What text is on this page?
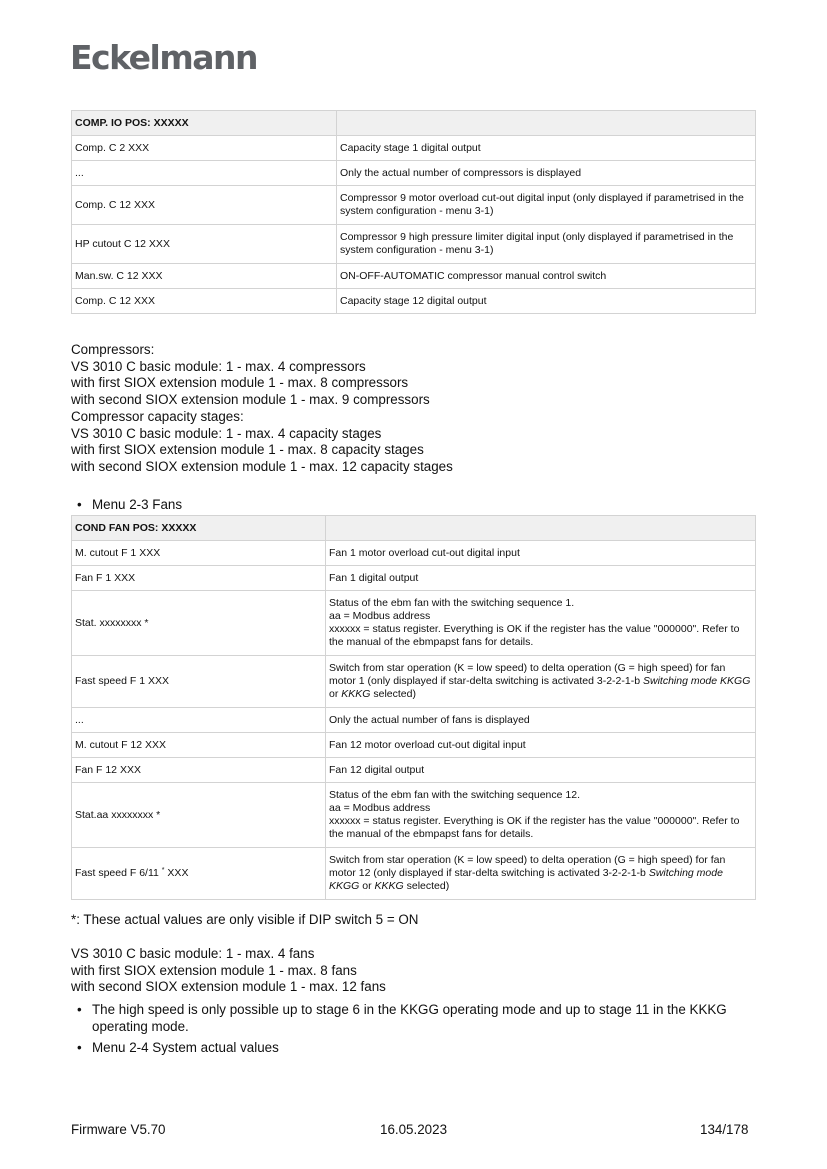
Eckelmann
COMP. IO POS: XXXXX	
Comp. C 2 XXX	Capacity stage 1 digital output
...	Only the actual number of compressors is displayed
Comp. C 12 XXX	Compressor 9 motor overload cut-out digital input (only displayed if parametrised in the system configuration - menu 3-1)
HP cutout C 12 XXX	Compressor 9 high pressure limiter digital input (only displayed if parametrised in the system configuration - menu 3-1)
Man.sw. C 12 XXX	ON-OFF-AUTOMATIC compressor manual control switch
Comp. C 12 XXX	Capacity stage 12 digital output
Compressors:
VS 3010 C basic module: 1 - max. 4 compressors
with first SIOX extension module 1 - max. 8 compressors
with second SIOX extension module 1 - max. 9 compressors
Compressor capacity stages:
VS 3010 C basic module: 1 - max. 4 capacity stages
with first SIOX extension module 1 - max. 8 capacity stages
with second SIOX extension module 1 - max. 12 capacity stages
• Menu 2-3 Fans
COND FAN POS: XXXXX	
M. cutout F 1 XXX	Fan 1 motor overload cut-out digital input
Fan F 1 XXX	Fan 1 digital output
Stat. xxxxxxxx *	Status of the ebm fan with the switching sequence 1.
aa = Modbus address
xxxxxx = status register. Everything is OK if the register has the value "000000". Refer to the manual of the ebmpapst fans for details.

Fast speed F 1 XXX	Switch from star operation (K = low speed) to delta operation (G = high speed) for fan motor 1 (only displayed if star-delta switching is activated 3-2-2-1-b Switching mode KKGG or KKKG selected)
...	Only the actual number of fans is displayed
M. cutout F 12 XXX	Fan 12 motor overload cut-out digital input
Fan F 12 XXX	Fan 12 digital output
Stat.aa xxxxxxxx *	Status of the ebm fan with the switching sequence 12.
aa = Modbus address
xxxxxx = status register. Everything is OK if the register has the value "000000". Refer to the manual of the ebmpapst fans for details.

Fast speed F 6/11 * XXX	Switch from star operation (K = low speed) to delta operation (G = high speed) for fan motor 12 (only displayed if star-delta switching is activated 3-2-2-1-b Switching mode KKGG or KKKG selected)
*: These actual values are only visible if DIP switch 5 = ON
VS 3010 C basic module: 1 - max. 4 fans
with first SIOX extension module 1 - max. 8 fans
with second SIOX extension module 1 - max. 12 fans
• The high speed is only possible up to stage 6 in the KKGG operating mode and up to stage 11 in the KKKG operating mode.
• Menu 2-4 System actual values
Firmware V5.70	16.05.2023	134/178
